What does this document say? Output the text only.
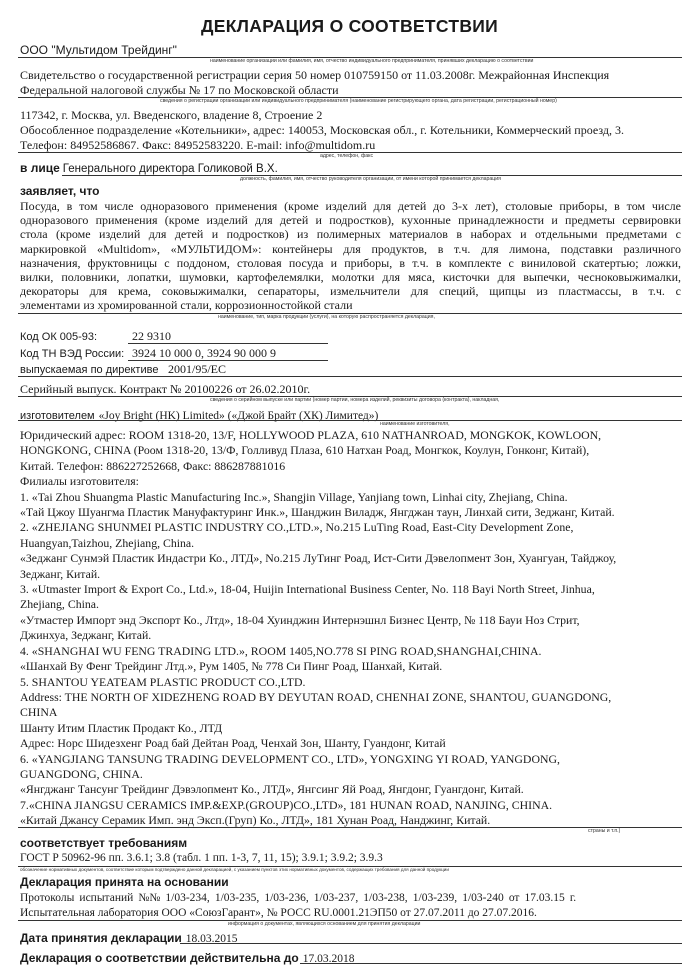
ДЕКЛАРАЦИЯ О СООТВЕТСТВИИ
ООО "Мультидом Трейдинг"
наименование организации или фамилия, имя, отчество индивидуального предпринимателя, принявших декларацию о соответствии
Свидетельство о государственной регистрации серия 50 номер 010759150 от 11.03.2008г. Межрайонная Инспекция
Федеральной налоговой службы № 17 по Московской области
сведения о регистрации организации или индивидуального предпринимателя (наименование регистрирующего органа, дата регистрации, регистрационный номер)
117342, г. Москва, ул. Введенского, владение 8, Строение 2
Обособленное подразделение «Котельники», адрес: 140053, Московская обл., г. Котельники, Коммерческий проезд, 3.
Телефон: 84952586867. Факс: 84952583220. E-mail: info@multidom.ru
адрес, телефон, факс
в лице Генерального директора Голиковой В.Х.
должность, фамилия, имя, отчество руководителя организации, от имени которой принимается декларация
заявляет, что
Посуда, в том числе одноразового применения (кроме изделий для детей до 3-х лет), столовые приборы, в том числе
одноразового применения (кроме изделий для детей и подростков), кухонные принадлежности и предметы сервировки
стола (кроме изделий для детей и подростков) из полимерных материалов в наборах и отдельными предметами с
маркировкой «Multidom», «МУЛЬТИДОМ»: контейнеры для продуктов, в т.ч. для лимона, подставки различного
назначения, фруктовницы с поддоном, столовая посуда и приборы, в т.ч. в комплекте с виниловой скатертью; ложки,
вилки, половники, лопатки, шумовки, картофелемялки, молотки для мяса, кисточки для выпечки, чесноковыжималки,
декораторы для крема, соковыжималки, сепараторы, измельчители для специй, щипцы из пластмассы, в т.ч. с
элементами из хромированной стали, коррозионностойкой стали
наименование, тип, марка продукции (услуги), на которую распространяется декларация,
Код ОК 005-93:	22 9310
Код ТН ВЭД России: 3924 10 000 0, 3924 90 000 9
выпускаемая по директиве 2001/95/ЕС
Серийный выпуск. Контракт № 20100226 от 26.02.2010г.
сведения о серийном выпуске или партии (номер партии, номера изделий, реквизиты договора (контракта), накладная,
изготовителем «Joy Bright (HK) Limited» («Джой Брайт (ХК) Лимитед»)
наименование изготовителя,
Юридический адрес: ROOM 1318-20, 13/F, HOLLYWOOD PLAZA, 610 NATHANROAD, MONGKOK, KOWLOON,
HONGKONG, CHINA (Роом 1318-20, 13/Ф, Голливуд Плаза, 610 Натхан Роад, Монгкок, Коулун, Гонконг, Китай),
Китай. Телефон: 886227252668, Факс: 886287881016
Филиалы изготовителя:
1. «Tai Zhou Shuangma Plastic Manufacturing Inc.», Shangjin Village, Yanjiang town, Linhai city, Zhejiang, China.
«Тай Цжоу Шуангма Пластик Мануфактуринг Инк.», Шанджин Виладж, Янгджан таун, Линхай сити, Зеджанг, Китай.
2. «ZHEJIANG SHUNMEI PLASTIC INDUSTRY CO.,LTD.», No.215 LuTing Road, East-City Development Zone,
Huangyan,Taizhou, Zhejiang, China.
«Зеджанг Сунмэй Пластик Индастри Ко., ЛТД», No.215 ЛуТинг Роад, Ист-Сити Дэвелопмент Зон, Хуангуан, Тайджоу,
Зеджанг, Китай.
3. «Utmaster Import & Export Co., Ltd.», 18-04, Huijin International Business Center, No. 118 Bayi North Street, Jinhua,
Zhejiang, China.
«Утмастер Импорт энд Экспорт Ко., Лтд», 18-04 Хуинджин Интернэшнл Бизнес Центр, № 118 Бауи Ноз Стрит,
Джинхуа, Зеджанг, Китай.
4. «SHANGHAI WU FENG TRADING LTD.», ROOM 1405,NO.778 SI PING ROAD,SHANGHAI,CHINA.
«Шанхай Ву Фенг Трейдинг Лтд.», Рум 1405, № 778 Си Пинг Роад, Шанхай, Китай.
5. SHANTOU YEATEAM PLASTIC PRODUCT CO.,LTD.
Address: THE NORTH OF XIDEZHENG ROAD BY DEYUTAN ROAD, CHENHAI ZONE, SHANTOU, GUANGDONG,
CHINA
Шанту Итим Пластик Продакт Ко., ЛТД
Адрес: Норс Шидезхенг Роад бай Дейтан Роад, Ченхай Зон, Шанту, Гуандонг, Китай
6. «YANGJIANG TANSUNG TRADING DEVELOPMENT CO., LTD», YONGXING YI ROAD, YANGDONG,
GUANGDONG, CHINA.
«Янгджанг Тансунг Трейдинг Дэвэлопмент Ко., ЛТД», Янгсинг Яй Роад, Янгдонг, Гуангдонг, Китай.
7.«CHINA JIANGSU CERAMICS IMP.&EXP.(GROUP)CO.,LTD», 181 HUNAN ROAD, NANJING, CHINA.
«Китай Джансу Серамик Имп. энд Эксп.(Груп) Ко., ЛТД», 181 Хунан Роад, Нанджинг, Китай.
страны и т.п.)
соответствует требованиям
ГОСТ Р 50962-96 пп. 3.6.1; 3.8 (табл. 1 пп. 1-3, 7, 11, 15); 3.9.1; 3.9.2; 3.9.3
обозначение нормативных документов, соответствие которым подтверждено данной декларацией, с указанием пунктов этих нормативных документов, содержащих требования для данной продукции
Декларация принята на основании
Протоколы испытаний №№ 1/03-234, 1/03-235, 1/03-236, 1/03-237, 1/03-238, 1/03-239, 1/03-240 от 17.03.15 г.
Испытательная лаборатория ООО «СоюзГарант», № РОСС RU.0001.21ЭП50 от 27.07.2011 до 27.07.2016.
информация о документах, являющихся основанием для принятия декларации
Дата принятия декларации 18.03.2015
Декларация о соответствии действительна до 17.03.2018
